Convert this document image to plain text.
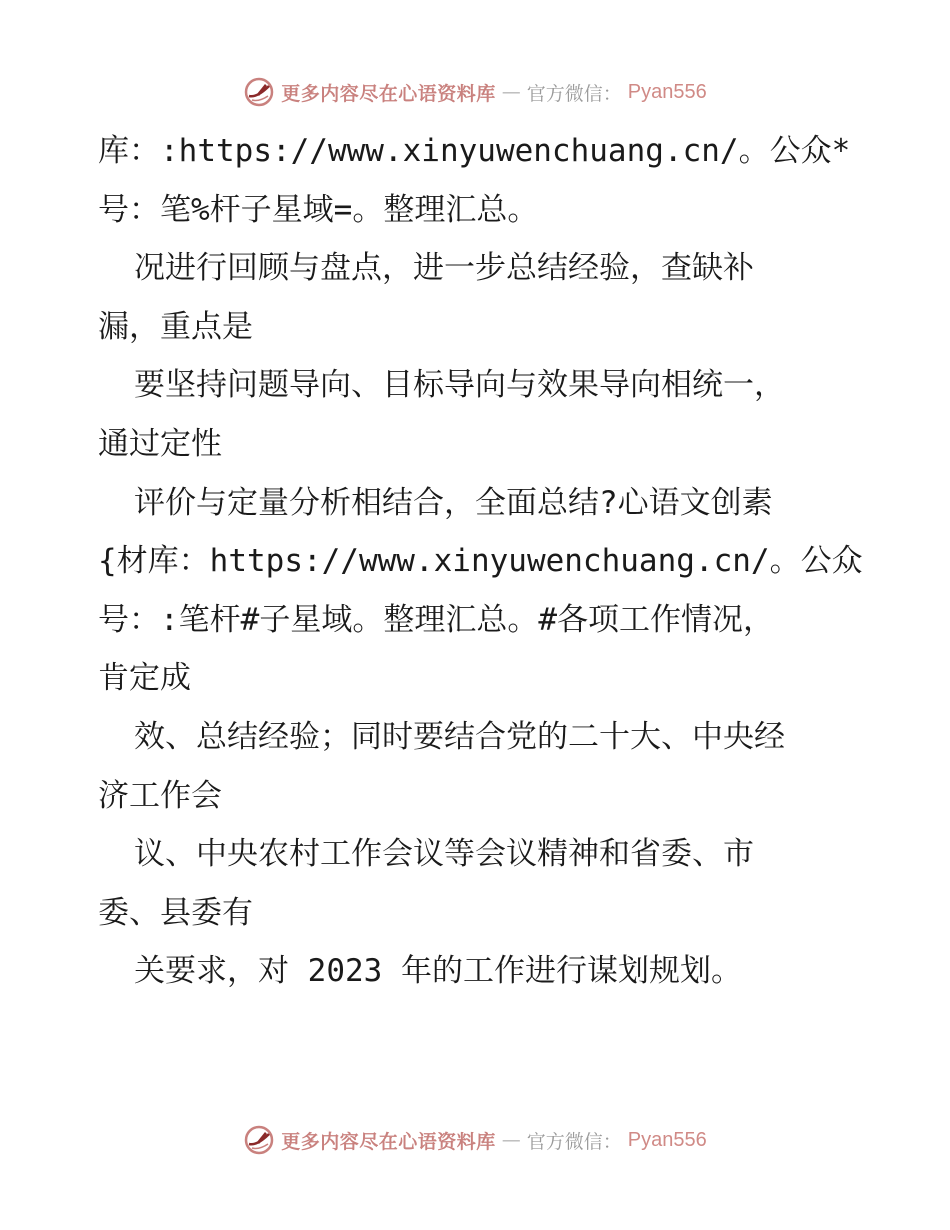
更多内容尽在心语资料库 — 官方微信： Pyan556
库：:https://www.xinyuwenchuang.cn/。公众*
号：笔%杆子星域=。整理汇总。
况进行回顾与盘点，进一步总结经验，查缺补
漏，重点是
要坚持问题导向、目标导向与效果导向相统一，
通过定性
评价与定量分析相结合，全面总结?心语文创素
{材库：https://www.xinyuwenchuang.cn/。公众
号：:笔杆#子星域。整理汇总。#各项工作情况，
肯定成
效、总结经验；同时要结合党的二十大、中央经
济工作会
议、中央农村工作会议等会议精神和省委、市
委、县委有
关要求，对 2023 年的工作进行谋划规划。
更多内容尽在心语资料库 — 官方微信： Pyan556
